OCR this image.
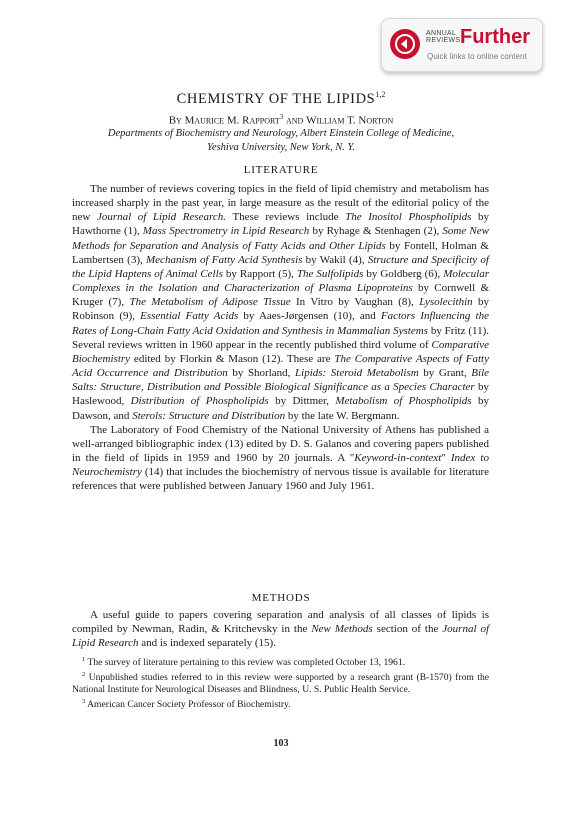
ANNUAL
REVIEWS Further
Quick links to online content
CHEMISTRY OF THE LIPIDS$^{1,2}$
By Maurice M. Rapport$^3$ and William T. Norton
Departments of Biochemistry and Neurology, Albert Einstein College of Medicine,
Yeshiva University, New York, N. Y.
LITERATURE

The number of reviews covering topics in the field of lipid chemistry and metabolism has increased sharply in the past year, in large measure as the result of the editorial policy of the new Journal of Lipid Research. These reviews include The Inositol Phospholipids by Hawthorne (1), Mass Spectrometry in Lipid Research by Ryhage & Stenhagen (2), Some New Methods for Separation and Analysis of Fatty Acids and Other Lipids by Fontell, Holman & Lambertsen (3), Mechanism of Fatty Acid Synthesis by Wakil (4), Structure and Specificity of the Lipid Haptens of Animal Cells by Rapport (5), The Sulfolipids by Goldberg (6), Molecular Complexes in the Isolation and Characterization of Plasma Lipoproteins by Cornwell & Kruger (7), The Metabolism of Adipose Tissue In Vitro by Vaughan (8), Lysolecithin by Robinson (9), Essential Fatty Acids by Aaes-Jørgensen (10), and Factors Influencing the Rates of Long-Chain Fatty Acid Oxidation and Synthesis in Mammalian Systems by Fritz (11). Several reviews written in 1960 appear in the recently published third volume of Comparative Biochemistry edited by Florkin & Mason (12). These are The Comparative Aspects of Fatty Acid Occurrence and Distribution by Shorland, Lipids: Steroid Metabolism by Grant, Bile Salts: Structure, Distribution and Possible Biological Significance as a Species Character by Haslewood, Distribution of Phospholipids by Dittmer, Metabolism of Phospholipids by Dawson, and Sterols: Structure and Distribution by the late W. Bergmann.

The Laboratory of Food Chemistry of the National University of Athens has published a well-arranged bibliographic index (13) edited by D. S. Galanos and covering papers published in the field of lipids in 1959 and 1960 by 20 journals. A "Keyword-in-context" Index to Neurochemistry (14) that includes the biochemistry of nervous tissue is available for literature references that were published between January 1960 and July 1961.

METHODS

A useful guide to papers covering separation and analysis of all classes of lipids is compiled by Newman, Radin, & Kritchevsky in the New Methods section of the Journal of Lipid Research and is indexed separately (15).

$^1$ The survey of literature pertaining to this review was completed October 13, 1961.

$^2$ Unpublished studies referred to in this review were supported by a research grant (B-1570) from the National Institute for Neurological Diseases and Blindness, U. S. Public Health Service.

$^3$ American Cancer Society Professor of Biochemistry.

103
